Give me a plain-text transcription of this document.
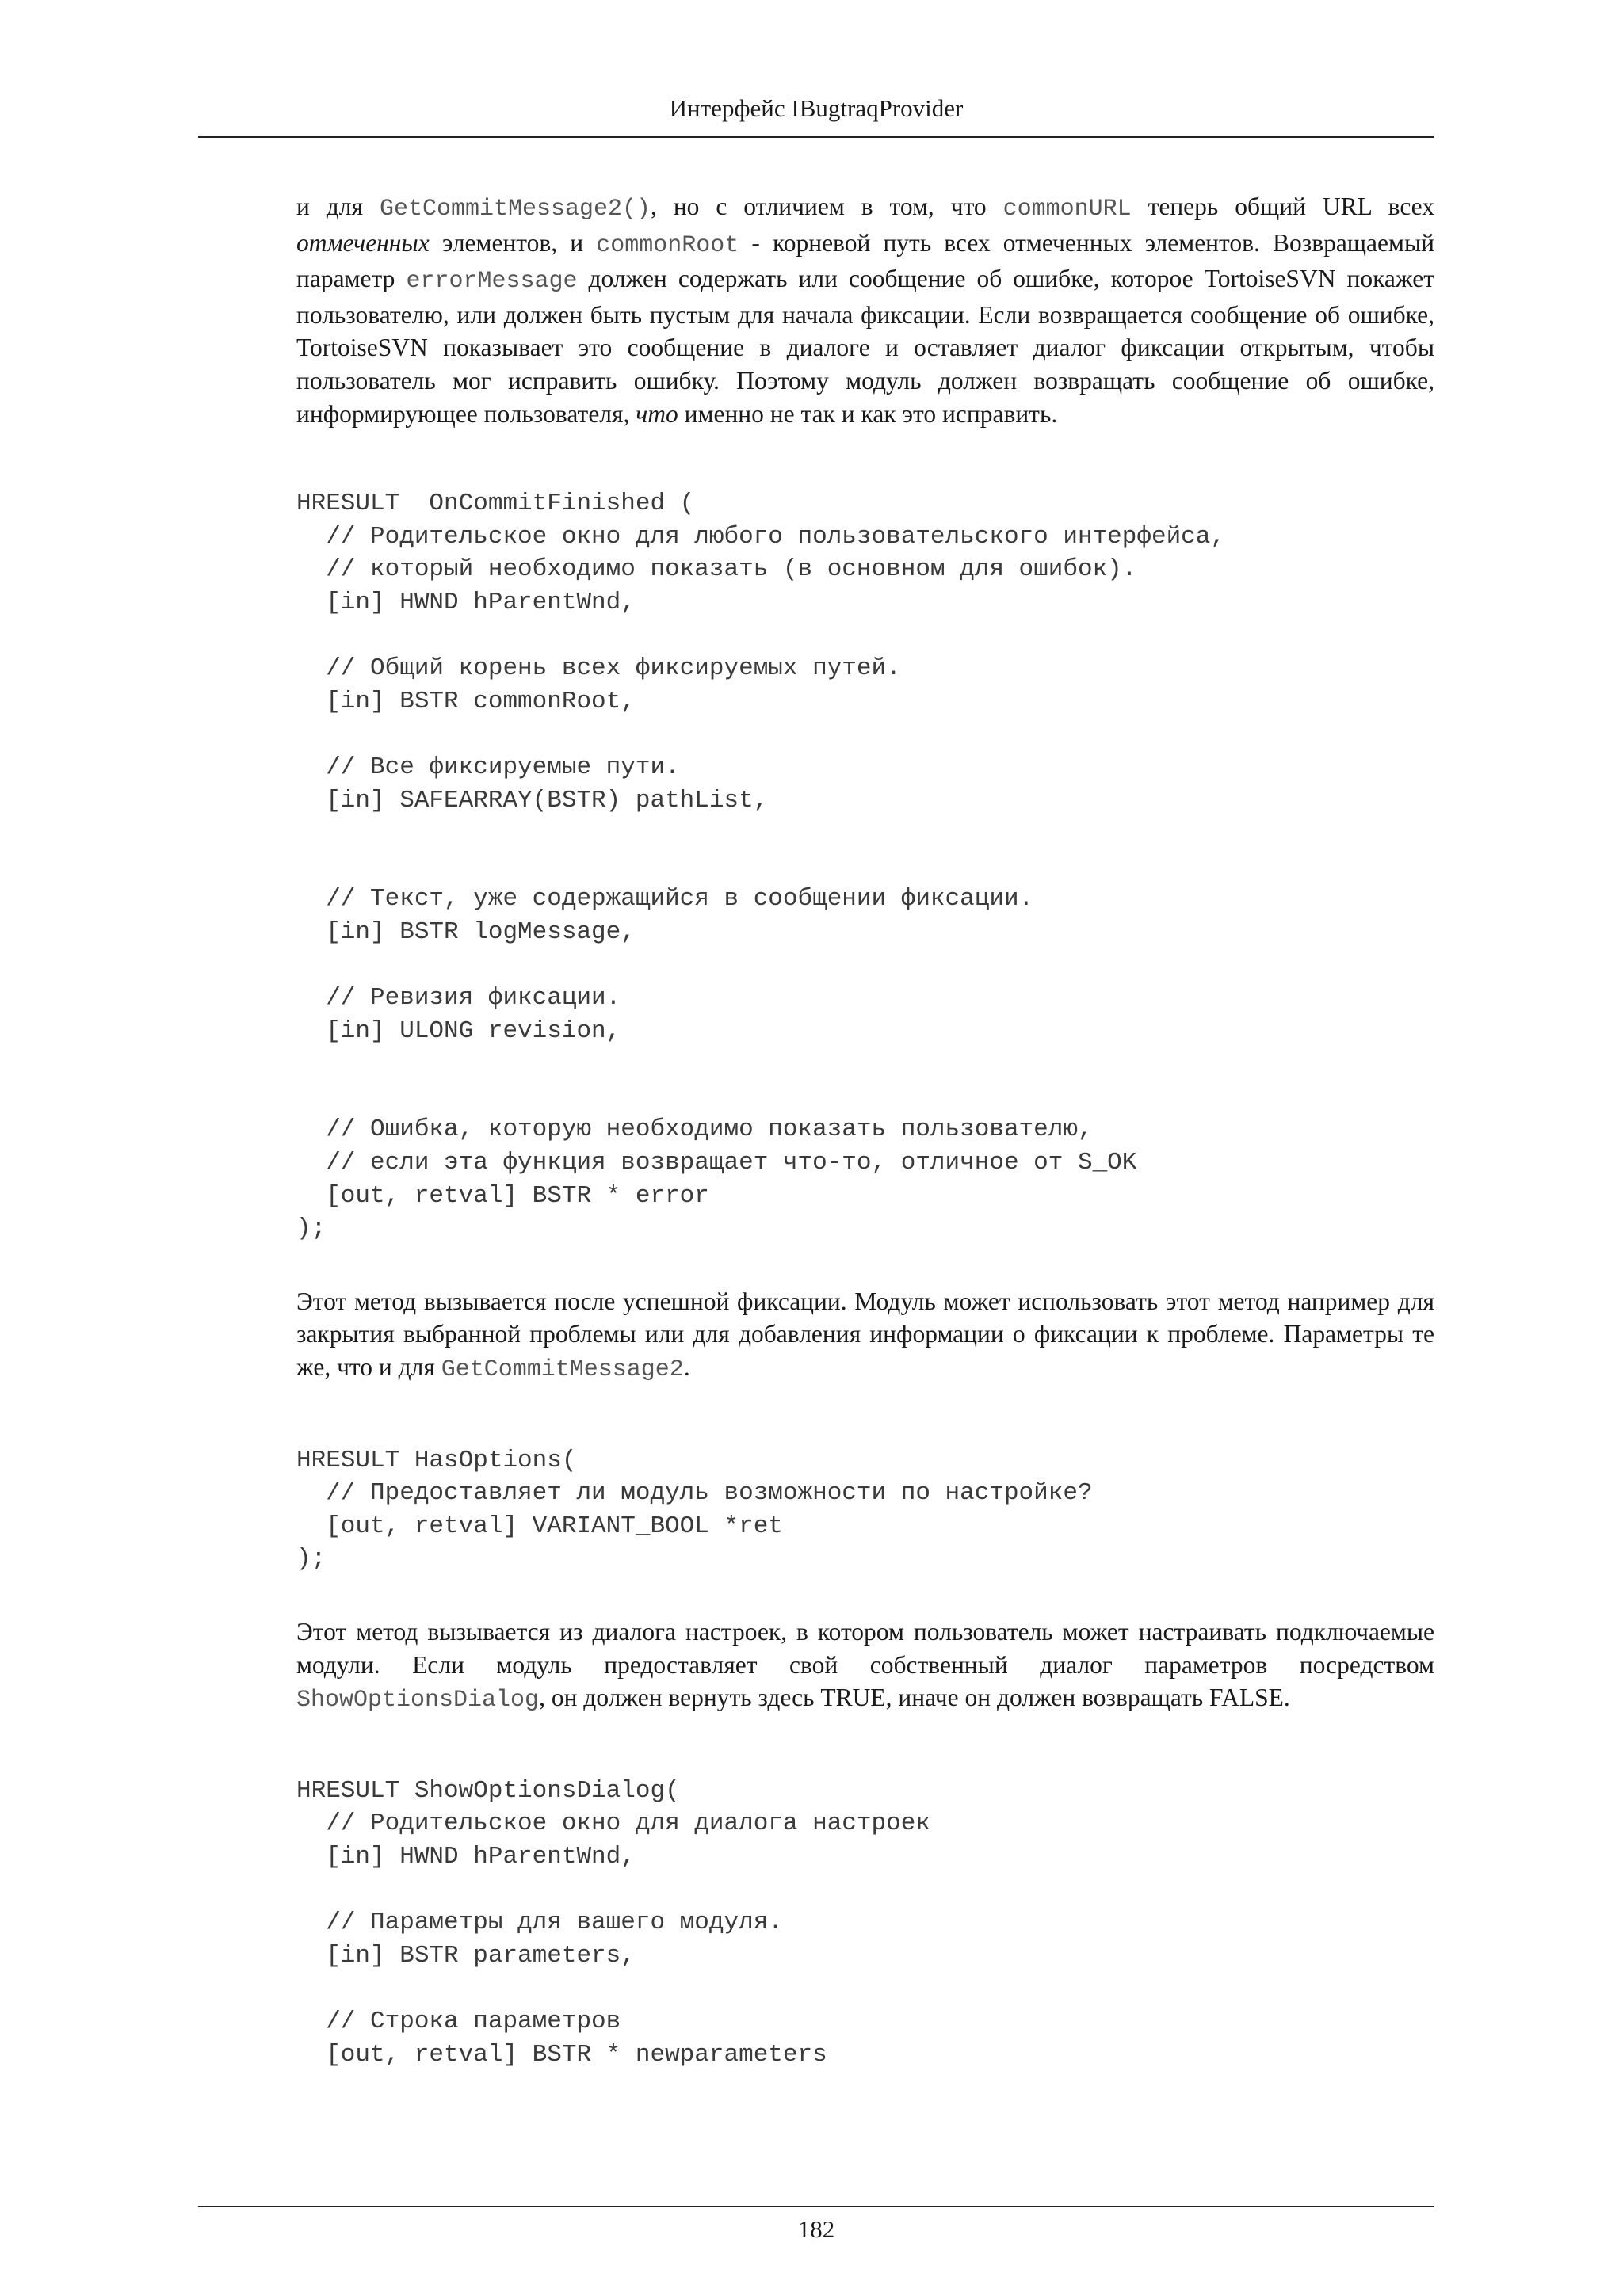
Интерфейс IBugtraqProvider

и для GetCommitMessage2(), но с отличием в том, что commonURL теперь общий URL всех отмеченных элементов, и commonRoot - корневой путь всех отмеченных элементов. Возвращаемый параметр errorMessage должен содержать или сообщение об ошибке, которое TortoiseSVN покажет пользователю, или должен быть пустым для начала фиксации. Если возвращается сообщение об ошибке, TortoiseSVN показывает это сообщение в диалоге и оставляет диалог фиксации открытым, чтобы пользователь мог исправить ошибку. Поэтому модуль должен возвращать сообщение об ошибке, информирующее пользователя, что именно не так и как это исправить.

HRESULT  OnCommitFinished (
// Родительское окно для любого пользовательского интерфейса,
// который необходимо показать (в основном для ошибок).
[in] HWND hParentWnd,

// Общий корень всех фиксируемых путей.
[in] BSTR commonRoot,

// Все фиксируемые пути.
[in] SAFEARRAY(BSTR) pathList,

// Текст, уже содержащийся в сообщении фиксации.
[in] BSTR logMessage,

// Ревизия фиксации.
[in] ULONG revision,

// Ошибка, которую необходимо показать пользователю,
// если эта функция возвращает что-то, отличное от S_OK
[out, retval] BSTR * error
);

Этот метод вызывается после успешной фиксации. Модуль может использовать этот метод например для закрытия выбранной проблемы или для добавления информации о фиксации к проблеме. Параметры те же, что и для GetCommitMessage2.

HRESULT HasOptions(
// Предоставляет ли модуль возможности по настройке?
[out, retval] VARIANT_BOOL *ret
);

Этот метод вызывается из диалога настроек, в котором пользователь может настраивать подключаемые модули. Если модуль предоставляет свой собственный диалог параметров посредством ShowOptionsDialog, он должен вернуть здесь TRUE, иначе он должен возвращать FALSE.

HRESULT ShowOptionsDialog(
// Родительское окно для диалога настроек
[in] HWND hParentWnd,

// Параметры для вашего модуля.
[in] BSTR parameters,

// Строка параметров
[out, retval] BSTR * newparameters
182
